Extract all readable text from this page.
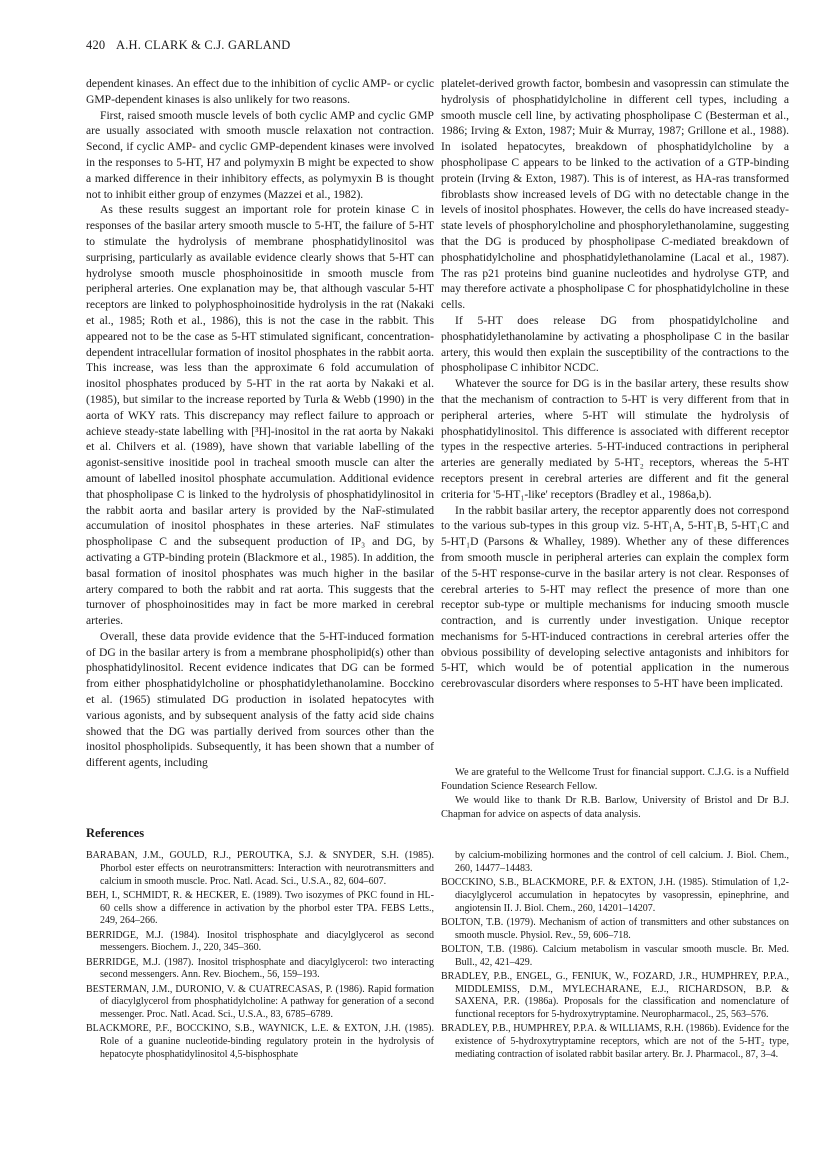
420 A.H. CLARK & C.J. GARLAND

dependent kinases. An effect due to the inhibition of cyclic AMP- or cyclic GMP-dependent kinases is also unlikely for two reasons.

First, raised smooth muscle levels of both cyclic AMP and cyclic GMP are usually associated with smooth muscle relaxation not contraction. Second, if cyclic AMP- and cyclic GMP-dependent kinases were involved in the responses to 5-HT, H7 and polymyxin B might be expected to show a marked difference in their inhibitory effects, as polymyxin B is thought not to inhibit either group of enzymes (Mazzei et al., 1982).

As these results suggest an important role for protein kinase C in responses of the basilar artery smooth muscle to 5-HT, the failure of 5-HT to stimulate the hydrolysis of membrane phosphatidylinositol was surprising, particularly as available evidence clearly shows that 5-HT can hydrolyse smooth muscle phosphoinositide in smooth muscle from peripheral arteries. One explanation may be, that although vascular 5-HT receptors are linked to polyphosphoinositide hydrolysis in the rat (Nakaki et al., 1985; Roth et al., 1986), this is not the case in the rabbit. This appeared not to be the case as 5-HT stimulated significant, concentration-dependent intracellular formation of inositol phosphates in the rabbit aorta. This increase, was less than the approximate 6 fold accumulation of inositol phosphates produced by 5-HT in the rat aorta by Nakaki et al. (1985), but similar to the increase reported by Turla & Webb (1990) in the aorta of WKY rats. This discrepancy may reflect failure to approach or achieve steady-state labelling with [³H]-inositol in the rat aorta by Nakaki et al. Chilvers et al. (1989), have shown that variable labelling of the agonist-sensitive inositide pool in tracheal smooth muscle can alter the amount of labelled inositol phosphate accumulation. Additional evidence that phospholipase C is linked to the hydrolysis of phosphatidylinositol in the rabbit aorta and basilar artery is provided by the NaF-stimulated accumulation of inositol phosphates in these arteries. NaF stimulates phospholipase C and the subsequent production of IP₃ and DG, by activating a GTP-binding protein (Blackmore et al., 1985). In addition, the basal formation of inositol phosphates was much higher in the basilar artery compared to both the rabbit and rat aorta. This suggests that the turnover of phosphoinositides may in fact be more marked in cerebral arteries.

Overall, these data provide evidence that the 5-HT-induced formation of DG in the basilar artery is from a membrane phospholipid(s) other than phosphatidylinositol. Recent evidence indicates that DG can be formed from either phosphatidylcholine or phosphatidylethanolamine. Bocckino et al. (1965) stimulated DG production in isolated hepatocytes with various agonists, and by subsequent analysis of the fatty acid side chains showed that the DG was partially derived from sources other than the inositol phospholipids. Subsequently, it has been shown that a number of different agents, including

platelet-derived growth factor, bombesin and vasopressin can stimulate the hydrolysis of phosphatidylcholine in different cell types, including a smooth muscle cell line, by activating phospholipase C (Besterman et al., 1986; Irving & Exton, 1987; Muir & Murray, 1987; Grillone et al., 1988). In isolated hepatocytes, breakdown of phosphatidylcholine by a phospholipase C appears to be linked to the activation of a GTP-binding protein (Irving & Exton, 1987). This is of interest, as HA-ras transformed fibroblasts show increased levels of DG with no detectable change in the levels of inositol phosphates. However, the cells do have increased steady-state levels of phosphorylcholine and phosphorylethanolamine, suggesting that the DG is produced by phospholipase C-mediated breakdown of phosphatidylcholine and phosphatidylethanolamine (Lacal et al., 1987). The ras p21 proteins bind guanine nucleotides and hydrolyse GTP, and may therefore activate a phospholipase C for phosphatidylcholine in these cells.

If 5-HT does release DG from phospatidylcholine and phosphatidylethanolamine by activating a phospholipase C in the basilar artery, this would then explain the susceptibility of the contractions to the phospholipase C inhibitor NCDC.

Whatever the source for DG is in the basilar artery, these results show that the mechanism of contraction to 5-HT is very different from that in peripheral arteries, where 5-HT will stimulate the hydrolysis of phosphatidylinositol. This difference is associated with different receptor types in the respective arteries. 5-HT-induced contractions in peripheral arteries are generally mediated by 5-HT₂ receptors, whereas the 5-HT receptors present in cerebral arteries are different and fit the general criteria for '5-HT₁-like' receptors (Bradley et al., 1986a,b).

In the rabbit basilar artery, the receptor apparently does not correspond to the various sub-types in this group viz. 5-HT₁A, 5-HT₁B, 5-HT₁C and 5-HT₁D (Parsons & Whalley, 1989). Whether any of these differences from smooth muscle in peripheral arteries can explain the complex form of the 5-HT response-curve in the basilar artery is not clear. Responses of cerebral arteries to 5-HT may reflect the presence of more than one receptor sub-type or multiple mechanisms for inducing smooth muscle contraction, and is currently under investigation. Unique receptor mechanisms for 5-HT-induced contractions in cerebral arteries offer the obvious possibility of developing selective antagonists and inhibitors for 5-HT, which would be of potential application in the numerous cerebrovascular disorders where responses to 5-HT have been implicated.

We are grateful to the Wellcome Trust for financial support. C.J.G. is a Nuffield Foundation Science Research Fellow.

We would like to thank Dr R.B. Barlow, University of Bristol and Dr B.J. Chapman for advice on aspects of data analysis.

References

BARABAN, J.M., GOULD, R.J., PEROUTKA, S.J. & SNYDER, S.H. (1985). Phorbol ester effects on neurotransmitters: Interaction with neurotransmitters and calcium in smooth muscle. Proc. Natl. Acad. Sci., U.S.A., 82, 604–607.

BEH, I., SCHMIDT, R. & HECKER, E. (1989). Two isozymes of PKC found in HL-60 cells show a difference in activation by the phorbol ester TPA. FEBS Letts., 249, 264–266.

BERRIDGE, M.J. (1984). Inositol trisphosphate and diacylglycerol as second messengers. Biochem. J., 220, 345–360.

BERRIDGE, M.J. (1987). Inositol trisphosphate and diacylglycerol: two interacting second messengers. Ann. Rev. Biochem., 56, 159–193.

BESTERMAN, J.M., DURONIO, V. & CUATRECASAS, P. (1986). Rapid formation of diacylglycerol from phosphatidylcholine: A pathway for generation of a second messenger. Proc. Natl. Acad. Sci., U.S.A., 83, 6785–6789.

BLACKMORE, P.F., BOCCKINO, S.B., WAYNICK, L.E. & EXTON, J.H. (1985). Role of a guanine nucleotide-binding regulatory protein in the hydrolysis of hepatocyte phosphatidylinositol 4,5-bisphosphate

by calcium-mobilizing hormones and the control of cell calcium. J. Biol. Chem., 260, 14477–14483.

BOCCKINO, S.B., BLACKMORE, P.F. & EXTON, J.H. (1985). Stimulation of 1,2-diacylglycerol accumulation in hepatocytes by vasopressin, epinephrine, and angiotensin II. J. Biol. Chem., 260, 14201–14207.

BOLTON, T.B. (1979). Mechanism of action of transmitters and other substances on smooth muscle. Physiol. Rev., 59, 606–718.

BOLTON, T.B. (1986). Calcium metabolism in vascular smooth muscle. Br. Med. Bull., 42, 421–429.

BRADLEY, P.B., ENGEL, G., FENIUK, W., FOZARD, J.R., HUMPHREY, P.P.A., MIDDLEMISS, D.M., MYLECHARANE, E.J., RICHARDSON, B.P. & SAXENA, P.R. (1986a). Proposals for the classification and nomenclature of functional receptors for 5-hydroxytryptamine. Neuropharmacol., 25, 563–576.

BRADLEY, P.B., HUMPHREY, P.P.A. & WILLIAMS, R.H. (1986b). Evidence for the existence of 5-hydroxytryptamine receptors, which are not of the 5-HT₂ type, mediating contraction of isolated rabbit basilar artery. Br. J. Pharmacol., 87, 3–4.
